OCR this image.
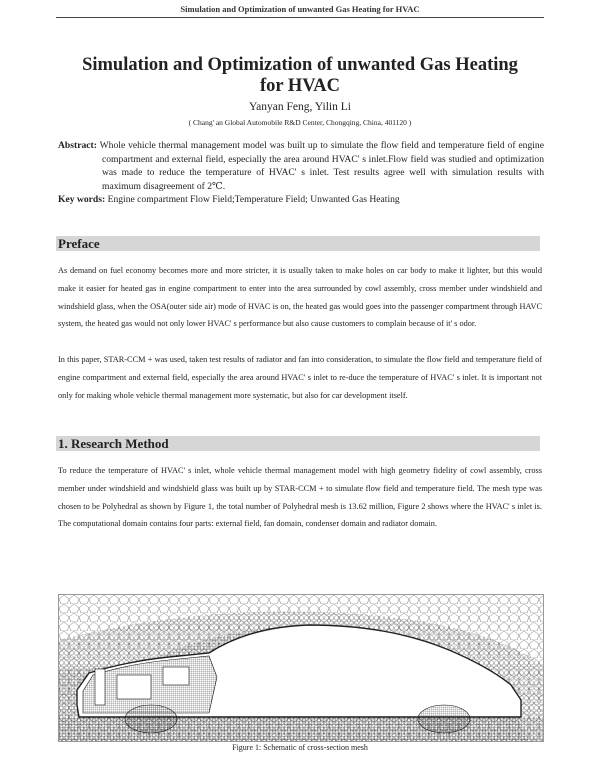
Simulation and Optimization of unwanted Gas Heating for HVAC
Simulation and Optimization of unwanted Gas Heating
for HVAC
Yanyan Feng, Yilin Li
( Chang' an Global Automobile R&D Center, Chongqing, China, 401120 )
Abstract: Whole vehicle thermal management model was built up to simulate the flow field and temperature field of engine compartment and external field, especially the area around HVAC' s inlet.Flow field was studied and optimization was made to reduce the temperature of HVAC' s inlet. Test results agree well with simulation results with maximum disagreement of 2℃.
Key words: Engine compartment Flow Field;Temperature Field; Unwanted Gas Heating
Preface

As demand on fuel economy becomes more and more stricter, it is usually taken to make holes on car body to make it lighter, but this would make it easier for heated gas in engine compartment to enter into the area surrounded by cowl assembly, cross member under windshield and windshield glass, when the OSA(outer side air) mode of HVAC is on, the heated gas would goes into the passenger compartment through HAVC system, the heated gas would not only lower HVAC' s performance but also cause customers to complain because of it' s odor.

In this paper, STAR-CCM + was used, taken test results of radiator and fan into consideration, to simulate the flow field and temperature field of engine compartment and external field, especially the area around HVAC' s inlet to re-duce the temperature of HVAC' s inlet. It is important not only for making whole vehicle thermal management more systematic, but also for car development itself.

1. Research Method

To reduce the temperature of HVAC' s inlet, whole vehicle thermal management model with high geometry fidelity of cowl assembly, cross member under windshield and windshield glass was built up by STAR-CCM + to simulate flow field and temperature field. The mesh type was chosen to be Polyhedral as shown by Figure 1, the total number of Polyhedral mesh is 13.62 million, Figure 2 shows where the HVAC' s inlet is. The computational domain contains four parts: external field, fan domain, condenser domain and radiator domain.

Figure 1: Schematic of cross-section mesh
